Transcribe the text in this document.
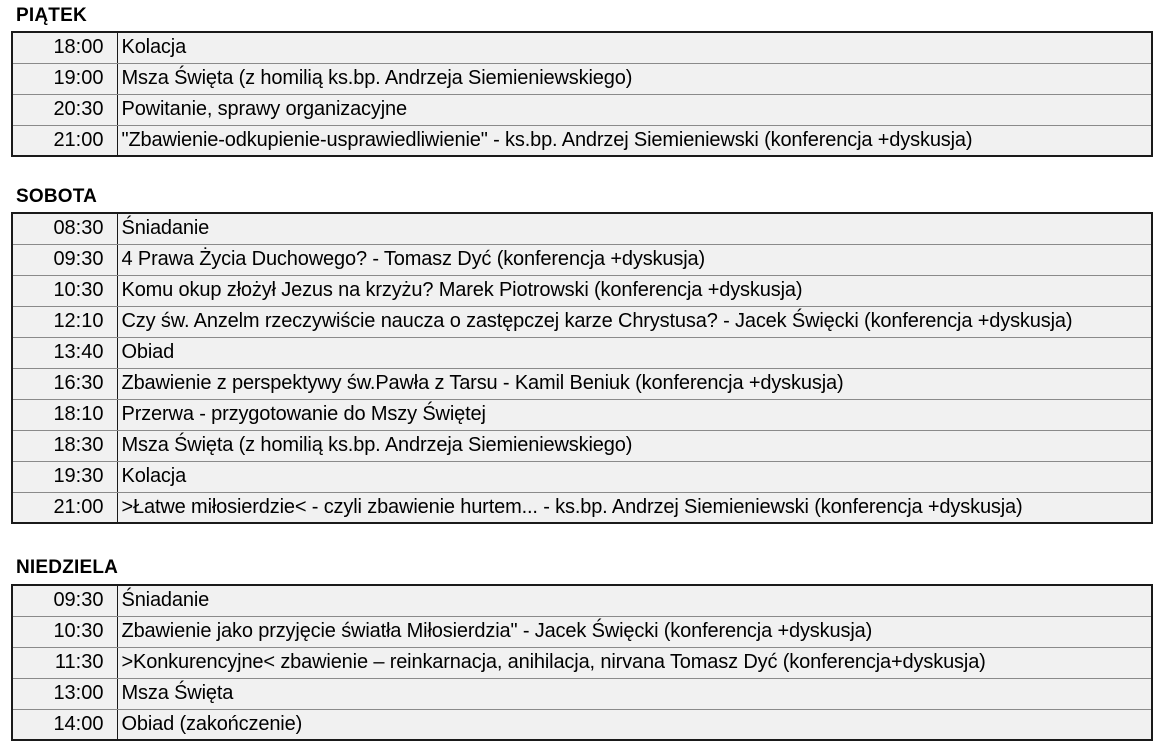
PIĄTEK
18:00	Kolacja
19:00	Msza Święta (z homilią ks.bp. Andrzeja Siemieniewskiego)
20:30	Powitanie, sprawy organizacyjne
21:00	"Zbawienie-odkupienie-usprawiedliwienie" - ks.bp. Andrzej Siemieniewski (konferencja +dyskusja)
SOBOTA
08:30	Śniadanie
09:30	4 Prawa Życia Duchowego? - Tomasz Dyć (konferencja +dyskusja)
10:30	Komu okup złożył Jezus na krzyżu? Marek Piotrowski (konferencja +dyskusja)
12:10	Czy św. Anzelm rzeczywiście naucza o zastępczej karze Chrystusa? - Jacek Święcki (konferencja +dyskusja)
13:40	Obiad
16:30	Zbawienie z perspektywy św.Pawła z Tarsu - Kamil Beniuk (konferencja +dyskusja)
18:10	Przerwa - przygotowanie do Mszy Świętej
18:30	Msza Święta (z homilią ks.bp. Andrzeja Siemieniewskiego)
19:30	Kolacja
21:00	>Łatwe miłosierdzie< - czyli zbawienie hurtem... - ks.bp. Andrzej Siemieniewski (konferencja +dyskusja)
NIEDZIELA
09:30	Śniadanie
10:30	Zbawienie jako przyjęcie światła Miłosierdzia" - Jacek Święcki (konferencja +dyskusja)
11:30	>Konkurencyjne< zbawienie – reinkarnacja, anihilacja, nirvana Tomasz Dyć (konferencja+dyskusja)
13:00	Msza Święta
14:00	Obiad (zakończenie)
